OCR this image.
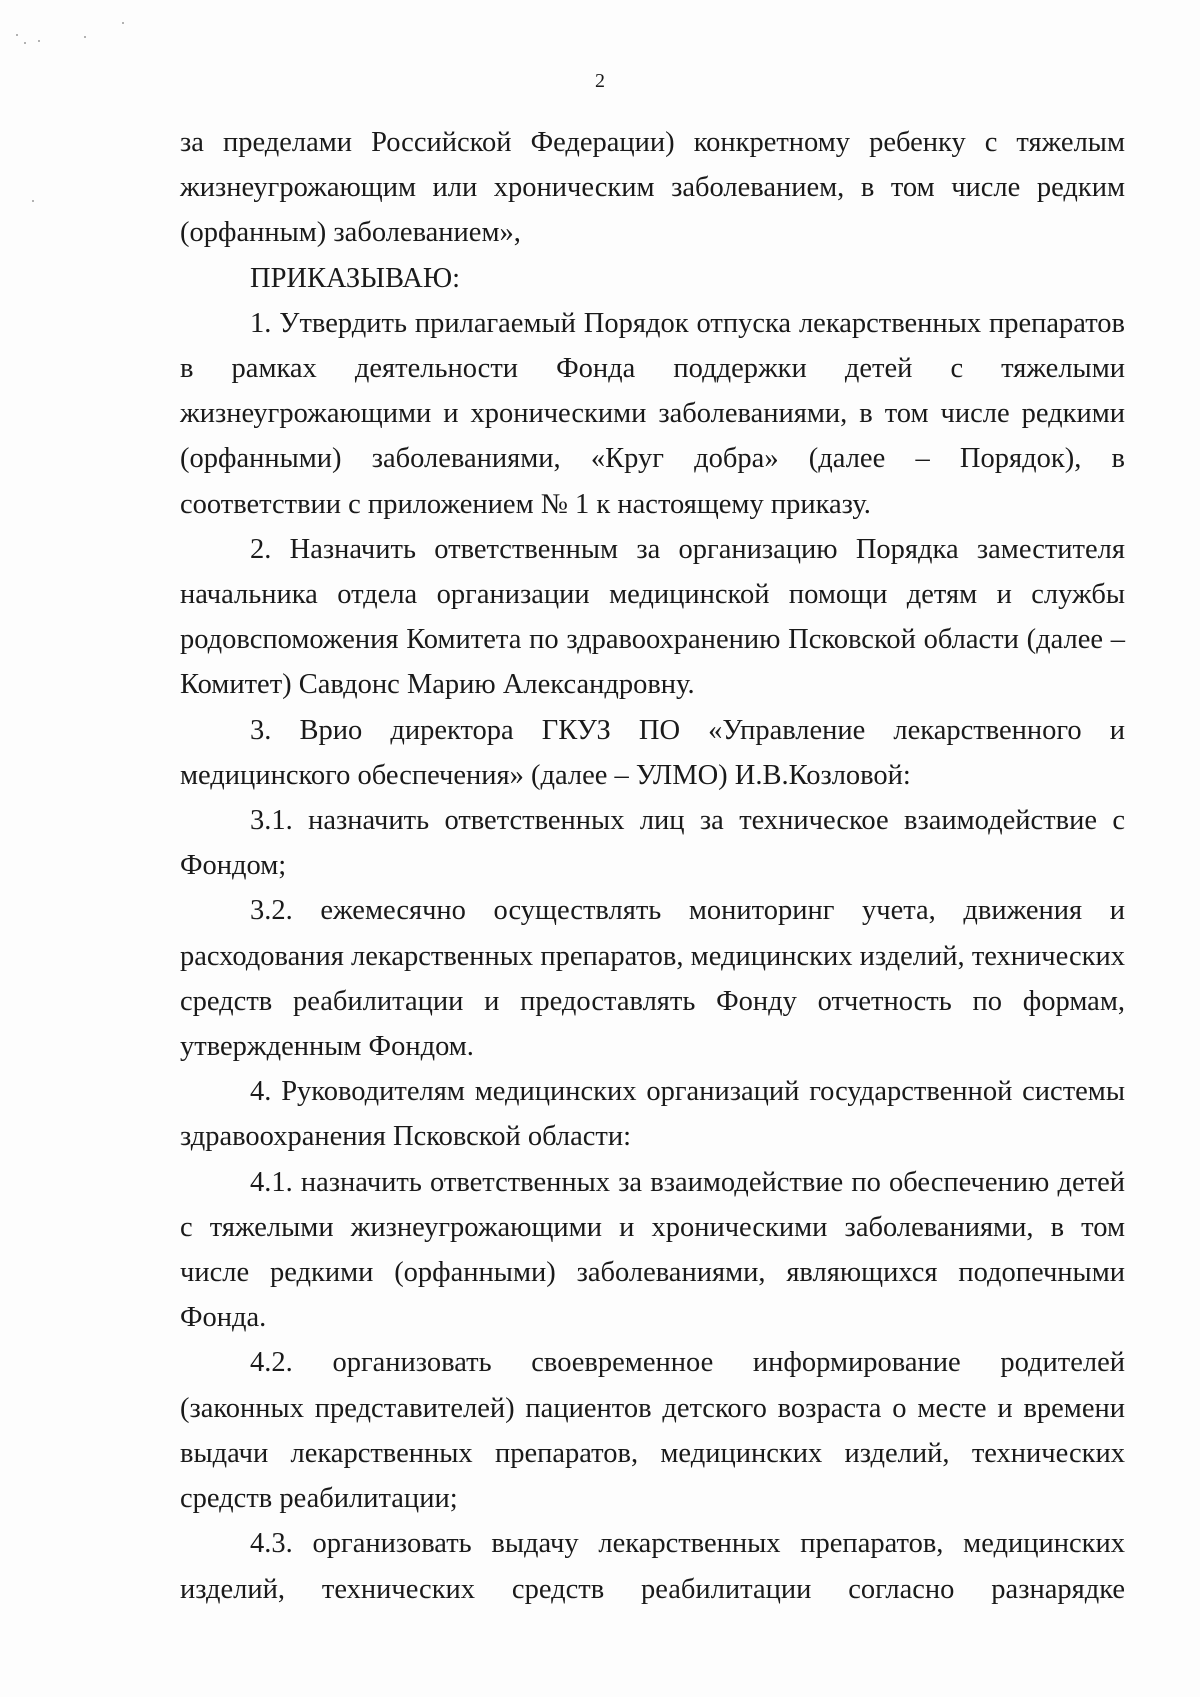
2

за пределами Российской Федерации) конкретному ребенку с тяжелым жизнеугрожающим или хроническим заболеванием, в том числе редким (орфанным) заболеванием»,

ПРИКАЗЫВАЮ:

1. Утвердить прилагаемый Порядок отпуска лекарственных препаратов в рамках деятельности Фонда поддержки детей с тяжелыми жизнеугрожающими и хроническими заболеваниями, в том числе редкими (орфанными) заболеваниями, «Круг добра» (далее – Порядок), в соответствии с приложением № 1 к настоящему приказу.

2. Назначить ответственным за организацию Порядка заместителя начальника отдела организации медицинской помощи детям и службы родовспоможения Комитета по здравоохранению Псковской области (далее – Комитет) Савдонс Марию Александровну.

3. Врио директора ГКУЗ ПО «Управление лекарственного и медицинского обеспечения» (далее – УЛМО) И.В.Козловой:

3.1. назначить ответственных лиц за техническое взаимодействие с Фондом;

3.2. ежемесячно осуществлять мониторинг учета, движения и расходования лекарственных препаратов, медицинских изделий, технических средств реабилитации и предоставлять Фонду отчетность по формам, утвержденным Фондом.

4. Руководителям медицинских организаций государственной системы здравоохранения Псковской области:

4.1. назначить ответственных за взаимодействие по обеспечению детей с тяжелыми жизнеугрожающими и хроническими заболеваниями, в том числе редкими (орфанными) заболеваниями, являющихся подопечными Фонда.

4.2. организовать своевременное информирование родителей (законных представителей) пациентов детского возраста о месте и времени выдачи лекарственных препаратов, медицинских изделий, технических средств реабилитации;

4.3. организовать выдачу лекарственных препаратов, медицинских изделий, технических средств реабилитации согласно разнарядке
